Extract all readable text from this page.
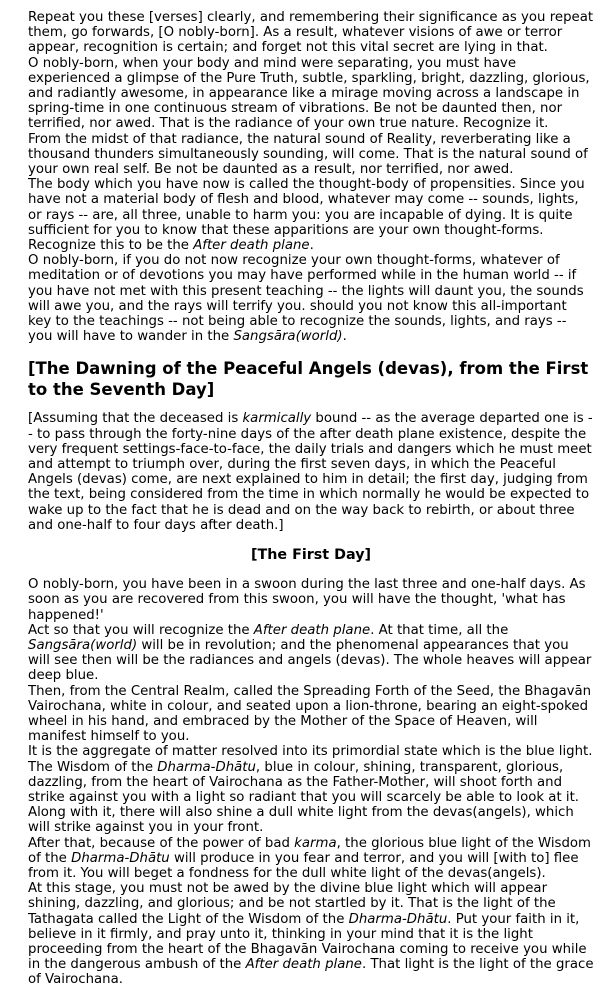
Repeat you these [verses] clearly, and remembering their significance as you repeat them, go forwards, [O nobly-born]. As a result, whatever visions of awe or terror appear, recognition is certain; and forget not this vital secret are lying in that.

O nobly-born, when your body and mind were separating, you must have experienced a glimpse of the Pure Truth, subtle, sparkling, bright, dazzling, glorious, and radiantly awesome, in appearance like a mirage moving across a landscape in spring-time in one continuous stream of vibrations. Be not be daunted then, nor terrified, nor awed. That is the radiance of your own true nature. Recognize it.

From the midst of that radiance, the natural sound of Reality, reverberating like a thousand thunders simultaneously sounding, will come. That is the natural sound of your own real self. Be not be daunted as a result, nor terrified, nor awed.

The body which you have now is called the thought-body of propensities. Since you have not a material body of flesh and blood, whatever may come -- sounds, lights, or rays -- are, all three, unable to harm you: you are incapable of dying. It is quite sufficient for you to know that these apparitions are your own thought-forms. Recognize this to be the After death plane.

O nobly-born, if you do not now recognize your own thought-forms, whatever of meditation or of devotions you may have performed while in the human world -- if you have not met with this present teaching -- the lights will daunt you, the sounds will awe you, and the rays will terrify you. should you not know this all-important key to the teachings -- not being able to recognize the sounds, lights, and rays -- you will have to wander in the Sangsāra(world).

[The Dawning of the Peaceful Angels (devas), from the First to the Seventh Day]

[Assuming that the deceased is karmically bound -- as the average departed one is -- to pass through the forty-nine days of the after death plane existence, despite the very frequent settings-face-to-face, the daily trials and dangers which he must meet and attempt to triumph over, during the first seven days, in which the Peaceful Angels (devas) come, are next explained to him in detail; the first day, judging from the text, being considered from the time in which normally he would be expected to wake up to the fact that he is dead and on the way back to rebirth, or about three and one-half to four days after death.]

[The First Day]

O nobly-born, you have been in a swoon during the last three and one-half days. As soon as you are recovered from this swoon, you will have the thought, 'what has happened!'

Act so that you will recognize the After death plane. At that time, all the Sangsāra(world) will be in revolution; and the phenomenal appearances that you will see then will be the radiances and angels (devas). The whole heaves will appear deep blue.

Then, from the Central Realm, called the Spreading Forth of the Seed, the Bhagavān Vairochana, white in colour, and seated upon a lion-throne, bearing an eight-spoked wheel in his hand, and embraced by the Mother of the Space of Heaven, will manifest himself to you.

It is the aggregate of matter resolved into its primordial state which is the blue light.

The Wisdom of the Dharma-Dhātu, blue in colour, shining, transparent, glorious, dazzling, from the heart of Vairochana as the Father-Mother, will shoot forth and strike against you with a light so radiant that you will scarcely be able to look at it.

Along with it, there will also shine a dull white light from the devas(angels), which will strike against you in your front.

After that, because of the power of bad karma, the glorious blue light of the Wisdom of the Dharma-Dhātu will produce in you fear and terror, and you will [with to] flee from it. You will beget a fondness for the dull white light of the devas(angels).

At this stage, you must not be awed by the divine blue light which will appear shining, dazzling, and glorious; and be not startled by it. That is the light of the Tathagata called the Light of the Wisdom of the Dharma-Dhātu. Put your faith in it, believe in it firmly, and pray unto it, thinking in your mind that it is the light proceeding from the heart of the Bhagavān Vairochana coming to receive you while in the dangerous ambush of the After death plane. That light is the light of the grace of Vairochana.
